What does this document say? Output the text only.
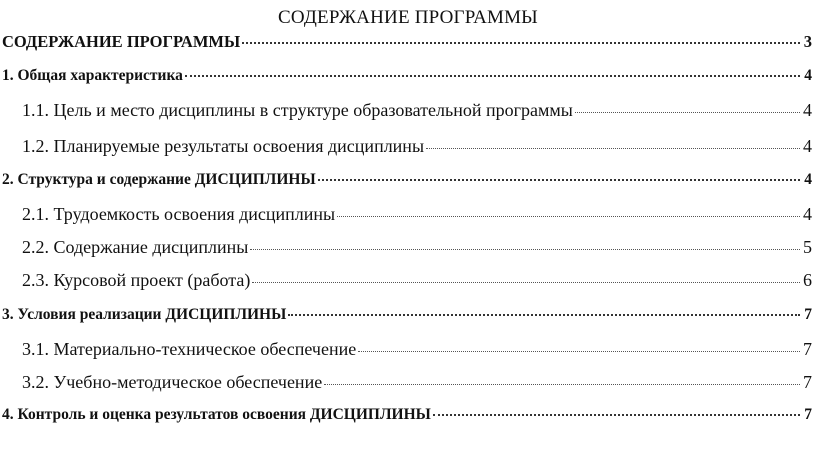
СОДЕРЖАНИЕ ПРОГРАММЫ
СОДЕРЖАНИЕ ПРОГРАММЫ	3
1. Общая характеристика	4
1.1. Цель и место дисциплины в структуре образовательной программы	4
1.2. Планируемые результаты освоения дисциплины	4
2. Структура и содержание ДИСЦИПЛИНЫ	4
2.1. Трудоемкость освоения дисциплины	4
2.2. Содержание дисциплины	5
2.3. Курсовой проект (работа)	6
3. Условия реализации ДИСЦИПЛИНЫ	7
3.1. Материально-техническое обеспечение	7
3.2. Учебно-методическое обеспечение	7
4. Контроль и оценка результатов освоения ДИСЦИПЛИНЫ	7
